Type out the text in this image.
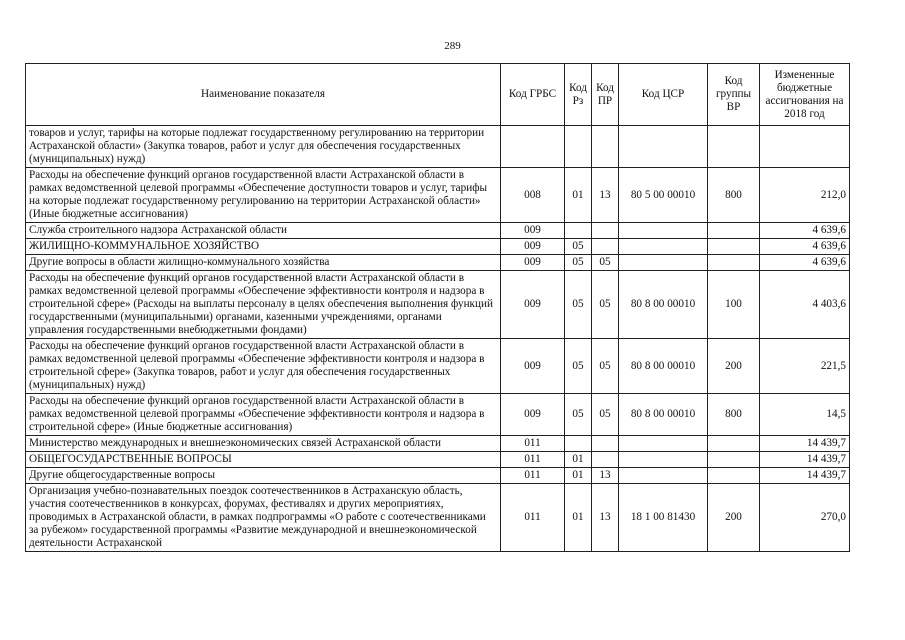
289
Наименование показателя	Код ГРБС	Код Рз	Код ПР	Код ЦСР	Код группы ВР	Измененные бюджетные ассигнования на 2018 год
товаров и услуг, тарифы на которые подлежат государственному регулированию на территории Астраханской области» (Закупка товаров, работ и услуг для обеспечения государственных (муниципальных) нужд)						
Расходы на обеспечение функций органов государственной власти Астраханской области в рамках ведомственной целевой программы «Обеспечение доступности товаров и услуг, тарифы на которые подлежат государственному регулированию на территории Астраханской области» (Иные бюджетные ассигнования)	008	01	13	80 5 00 00010	800	212,0
Служба строительного надзора Астраханской области	009					4 639,6
ЖИЛИЩНО-КОММУНАЛЬНОЕ ХОЗЯЙСТВО	009	05				4 639,6
Другие вопросы в области жилищно-коммунального хозяйства	009	05	05			4 639,6
Расходы на обеспечение функций органов государственной власти Астраханской области в рамках ведомственной целевой программы «Обеспечение эффективности контроля и надзора в строительной сфере» (Расходы на выплаты персоналу в целях обеспечения выполнения функций государственными (муниципальными) органами, казенными учреждениями, органами управления государственными внебюджетными фондами)	009	05	05	80 8 00 00010	100	4 403,6
Расходы на обеспечение функций органов государственной власти Астраханской области в рамках ведомственной целевой программы «Обеспечение эффективности контроля и надзора в строительной сфере» (Закупка товаров, работ и услуг для обеспечения государственных (муниципальных) нужд)	009	05	05	80 8 00 00010	200	221,5
Расходы на обеспечение функций органов государственной власти Астраханской области в рамках ведомственной целевой программы «Обеспечение эффективности контроля и надзора в строительной сфере» (Иные бюджетные ассигнования)	009	05	05	80 8 00 00010	800	14,5
Министерство международных и внешнеэкономических связей Астраханской области	011					14 439,7
ОБЩЕГОСУДАРСТВЕННЫЕ ВОПРОСЫ	011	01				14 439,7
Другие общегосударственные вопросы	011	01	13			14 439,7
Организация учебно-познавательных поездок соотечественников в Астраханскую область, участия соотечественников в конкурсах, форумах, фестивалях и других мероприятиях, проводимых в Астраханской области, в рамках подпрограммы «О работе с соотечественниками за рубежом» государственной программы «Развитие международной и внешнеэкономической деятельности Астраханской	011	01	13	18 1 00 81430	200	270,0
